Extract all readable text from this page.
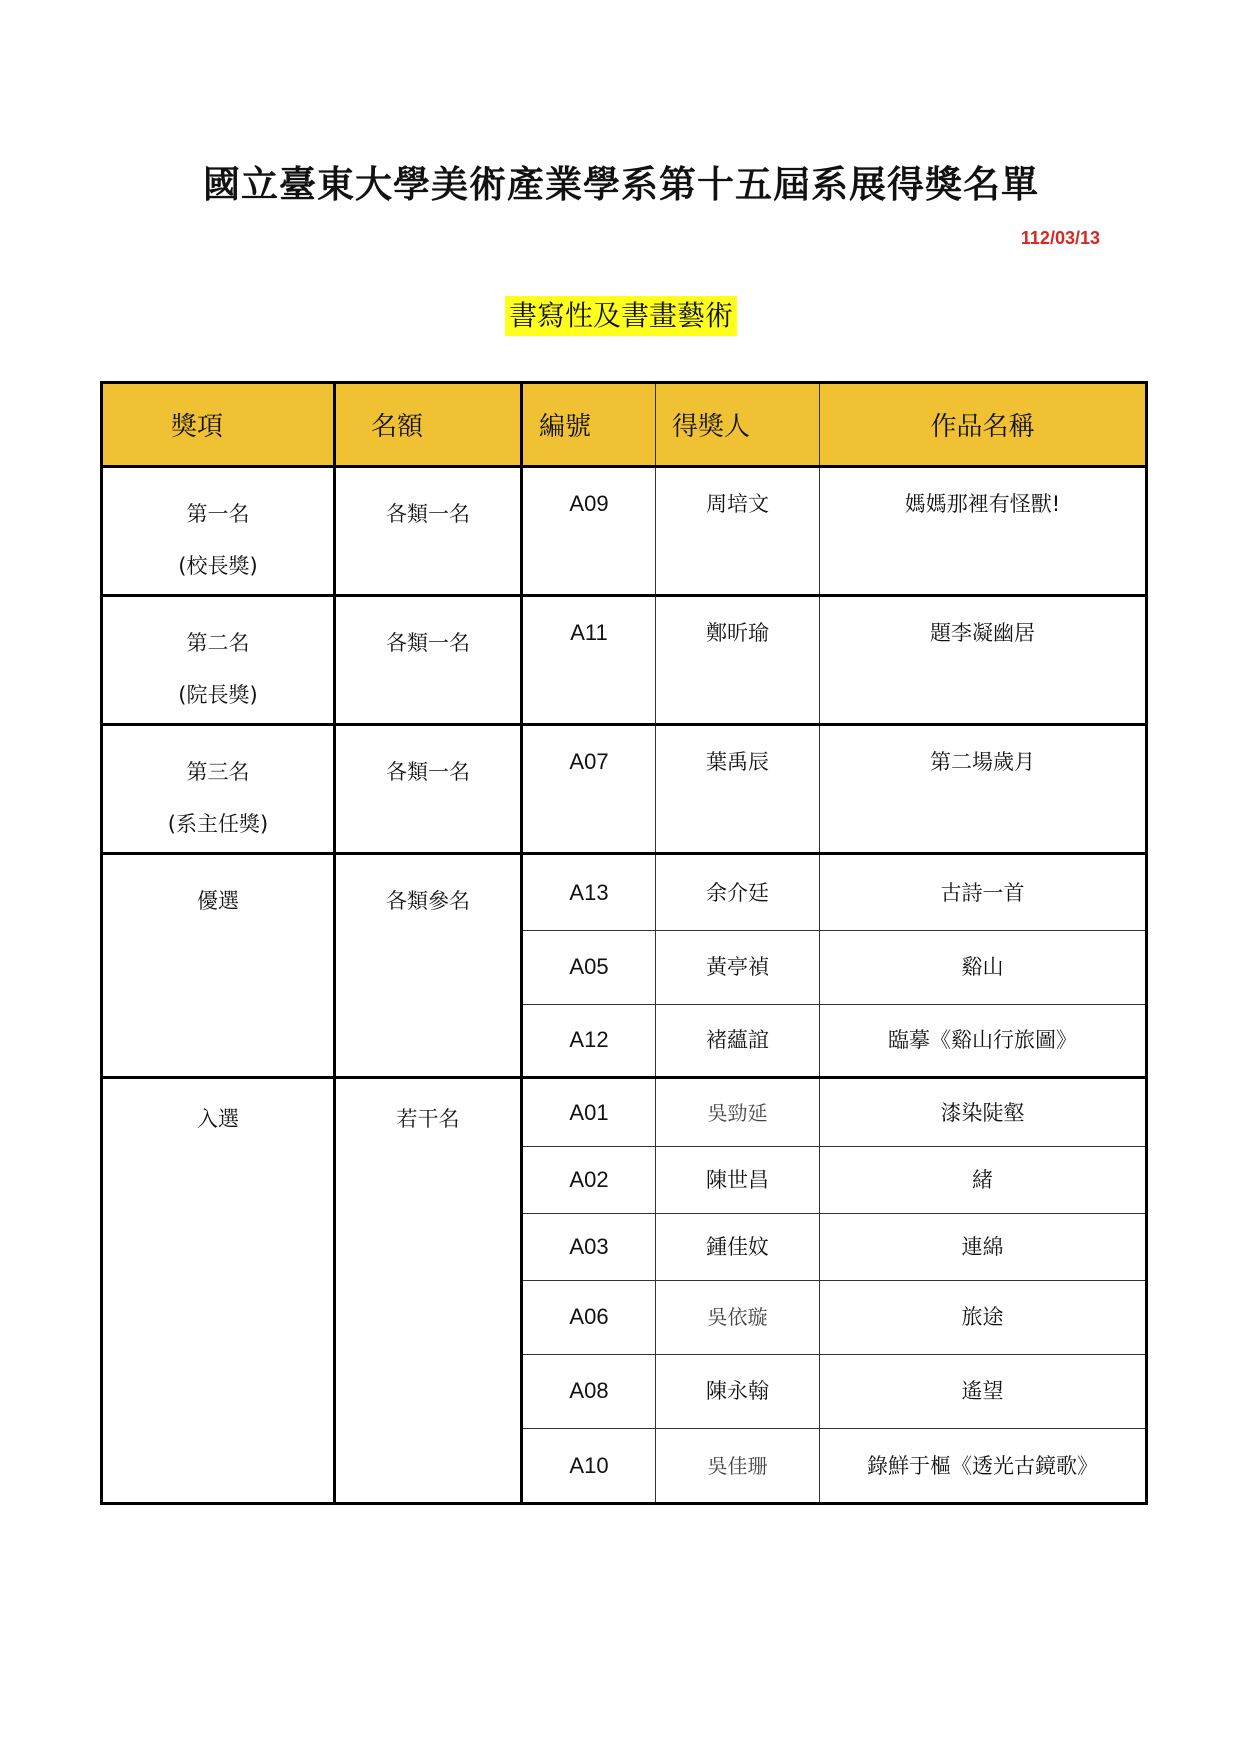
國立臺東大學美術產業學系第十五屆系展得獎名單
112/03/13
書寫性及書畫藝術
獎項	名額	編號	得獎人	作品名稱

第一名
(校長獎)	各類一名	A09	周培文	媽媽那裡有怪獸!

第二名
(院長獎)	各類一名	A11	鄭昕瑜	題李凝幽居

第三名
(系主任獎)	各類一名	A07	葉禹辰	第二場歲月

優選	各類參名	A13	余介廷	古詩一首
		A05	黃亭禎	谿山
		A12	褚蘊誼	臨摹《谿山行旅圖》

入選	若干名	A01	吳勁延	漆染陡壑
		A02	陳世昌	緒
		A03	鍾佳妏	連綿
		A06	吳依璇	旅途
		A08	陳永翰	遙望
		A10	吳佳珊	錄鮮于樞《透光古鏡歌》
